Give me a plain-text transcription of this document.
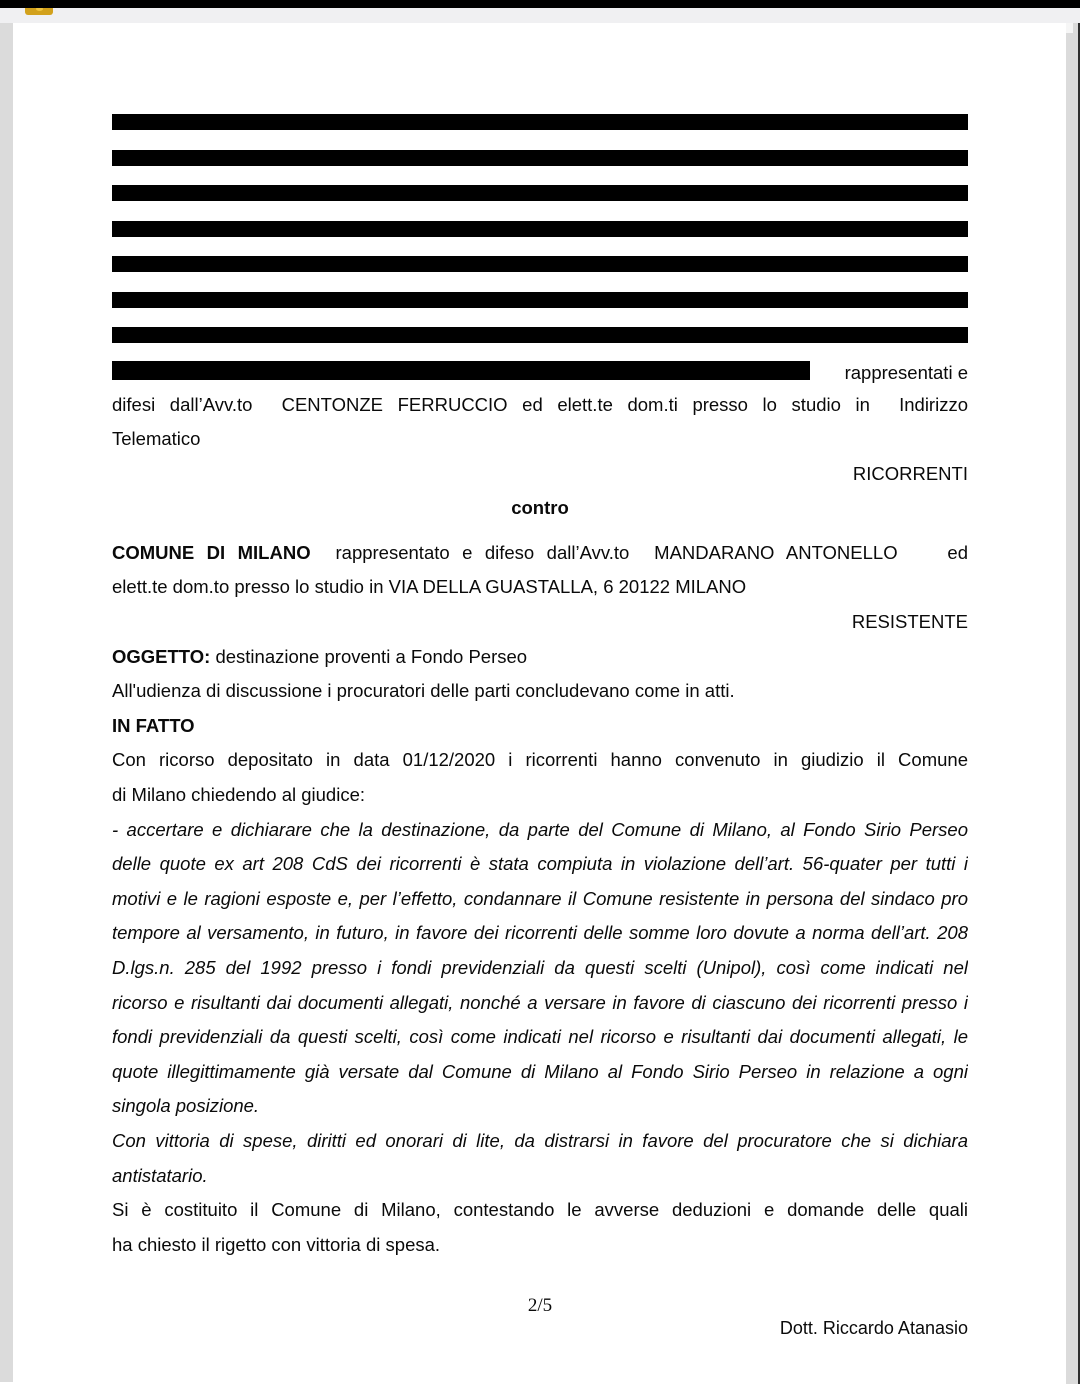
rappresentati e
difesi dall’Avv.to  CENTONZE FERRUCCIO ed elett.te dom.ti presso lo studio in  Indirizzo
Telematico
RICORRENTI
contro
COMUNE DI MILANO  rappresentato e difeso dall’Avv.to  MANDARANO ANTONELLO    ed
elett.te dom.to presso lo studio in VIA DELLA GUASTALLA, 6 20122 MILANO
RESISTENTE
OGGETTO: destinazione proventi a Fondo Perseo
All'udienza di discussione i procuratori delle parti concludevano come in atti.
IN FATTO
Con ricorso depositato in data 01/12/2020 i ricorrenti hanno convenuto in giudizio il Comune
di Milano chiedendo al giudice:
- accertare e dichiarare che la destinazione, da parte del Comune di Milano, al Fondo Sirio Perseo
delle quote ex art 208 CdS dei ricorrenti è stata compiuta in violazione dell’art. 56-quater per tutti i
motivi e le ragioni esposte e, per l’effetto, condannare il Comune resistente in persona del sindaco pro
tempore al versamento, in futuro, in favore dei ricorrenti delle somme loro dovute a norma dell’art. 208
D.lgs.n. 285 del 1992 presso i fondi previdenziali da questi scelti (Unipol), così come indicati nel
ricorso e risultanti dai documenti allegati, nonché a versare in favore di ciascuno dei ricorrenti presso i
fondi previdenziali da questi scelti, così come indicati nel ricorso e risultanti dai documenti allegati, le
quote illegittimamente già versate dal Comune di Milano al Fondo Sirio Perseo in relazione a ogni
singola posizione.
Con vittoria di spese, diritti ed onorari di lite, da distrarsi in favore del procuratore che si dichiara
antistatario.
Si è costituito il Comune di Milano, contestando le avverse deduzioni e domande delle quali
ha chiesto il rigetto con vittoria di spesa.
2/5
Dott. Riccardo Atanasio
